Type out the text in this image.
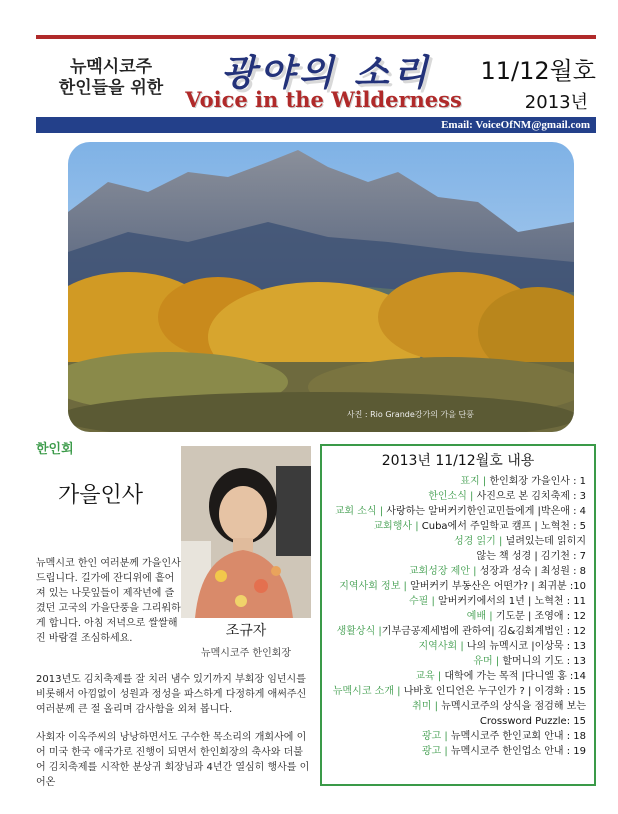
뉴멕시코주
한인들을 위한	광야의 소리
Voice in the Wilderness
11/12월호
2013년
Email: VoiceOfNM@gmail.com
사진 : Rio Grande강가의 가을 단풍
한인회
가을인사
조규자
뉴멕시코주 한인회장
뉴멕시코 한인 여러분께 가을인사 드립니다. 길가에 잔디위에 흩어져 있는 나뭇잎들이 제작년에 즐겼던 고국의 가을단풍을 그리워하게 합니다. 아침 저녁으로 쌀쌀해진 바람결 조심하세요.
2013년도 김치축제를 잘 치러 냄수 있기까지 부회장 임넌시를 비롯해서 아낌없이 성원과 정성을 파스하게 다정하게 애써주신 여러분께 큰 절 올리며 감사함을 외쳐 봅니다.
사회자 이옥주씨의 낭낭하면서도 구수한 목소리의 개회사에 이어 미국 한국 애국가로 진행이 되면서 한인회장의 축사와 더불어 김치축제를 시작한 분상귀 회장님과 4년간 열심히 행사를 이어온
2013년 11/12월호 내용
표지 | 한인회장 가을인사 : 1
한인소식 | 사진으로 본 김치축제 : 3
교회 소식 | 사랑하는 알버커키한인교민들에게 |박은애 : 4
교회행사 | Cuba에서 주일학교 캠프 | 노혁천 : 5
성경 읽기 | 널려있는데 읽히지
않는 책 성경 | 김기천 : 7
교회성장 제안 | 성장과 성숙 | 최성원 : 8
지역사회 정보 | 알버커키 부동산은 어떤가? | 최귀분 :10
수필 | 알버커키에서의 1년 | 노혁천 : 11
예배 | 기도문 | 조영애 : 12
생활상식 |기부금공제세법에 관하여| 김&김회계법인 : 12
지역사회 | 나의 뉴멕시코 |이상묵 : 13
유머 | 할머니의 기도 : 13
교육 | 대학에 가는 목적 |다니엘 홍 :14
뉴멕시코 소개 | 나바호 인디언은 누구인가 ? | 이경화 : 15
취미 | 뉴멕시코주의 상식을 점검해 보는
Crossword Puzzle: 15
광고 | 뉴멕시코주 한인교회 안내 : 18
광고 | 뉴멕시코주 한인업소 안내 : 19
